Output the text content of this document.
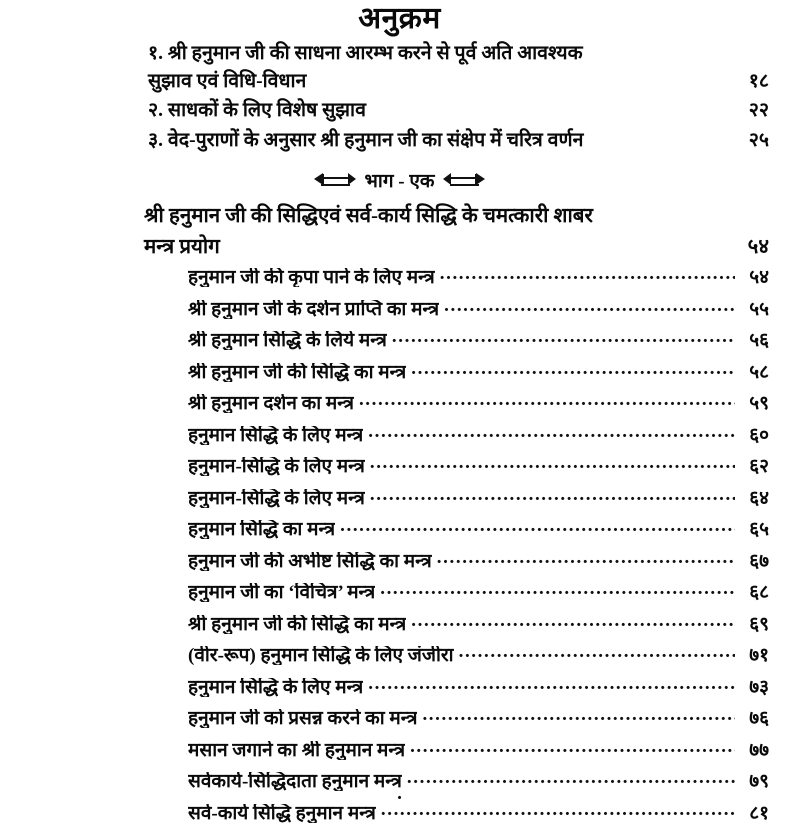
अनुक्रम
१. श्री हनुमान जी की साधना आरम्भ करने से पूर्व अति आवश्यक
सुझाव एवं विधि-विधान	१८
२. साधकों के लिए विशेष सुझाव	२२
३. वेद-पुराणों के अनुसार श्री हनुमान जी का संक्षेप में चरित्र वर्णन	२५
भाग - एक
श्री हनुमान जी की सिद्धिएवं सर्व-कार्य सिद्धि के चमत्कारी शाबर
मन्त्र प्रयोग	५४
हनुमान जी की कृपा पाने के लिए मन्त्र .....	५४
श्री हनुमान जी के दर्शन प्राप्ति का मन्त्र .....	५५
श्री हनुमान सिद्धि के लिये मन्त्र .....	५६
श्री हनुमान जी की सिद्धि का मन्त्र .....	५८
श्री हनुमान दर्शन का मन्त्र .....	५९
हनुमान सिद्धि के लिए मन्त्र .....	६०
हनुमान-सिद्धि के लिए मन्त्र .....	६२
हनुमान-सिद्धि के लिए मन्त्र .....	६४
हनुमान सिद्धि का मन्त्र .....	६५
हनुमान जी की अभीष्ट सिद्धि का मन्त्र .....	६७
हनुमान जी का ‘विचित्र’ मन्त्र .....	६८
श्री हनुमान जी की सिद्धि का मन्त्र .....	६९
(वीर-रूप) हनुमान सिद्धि के लिए जंजीरा .....	७१
हनुमान सिद्धि के लिए मन्त्र .....	७३
हनुमान जी को प्रसन्न करने का मन्त्र .....	७६
मसान जगाने का श्री हनुमान मन्त्र .....	७७
सर्वकार्य-सिद्धिदाता हनुमान मन्त्र .....	७९
सर्व-कार्य सिद्धि हनुमान मन्त्र .....	८१
·
